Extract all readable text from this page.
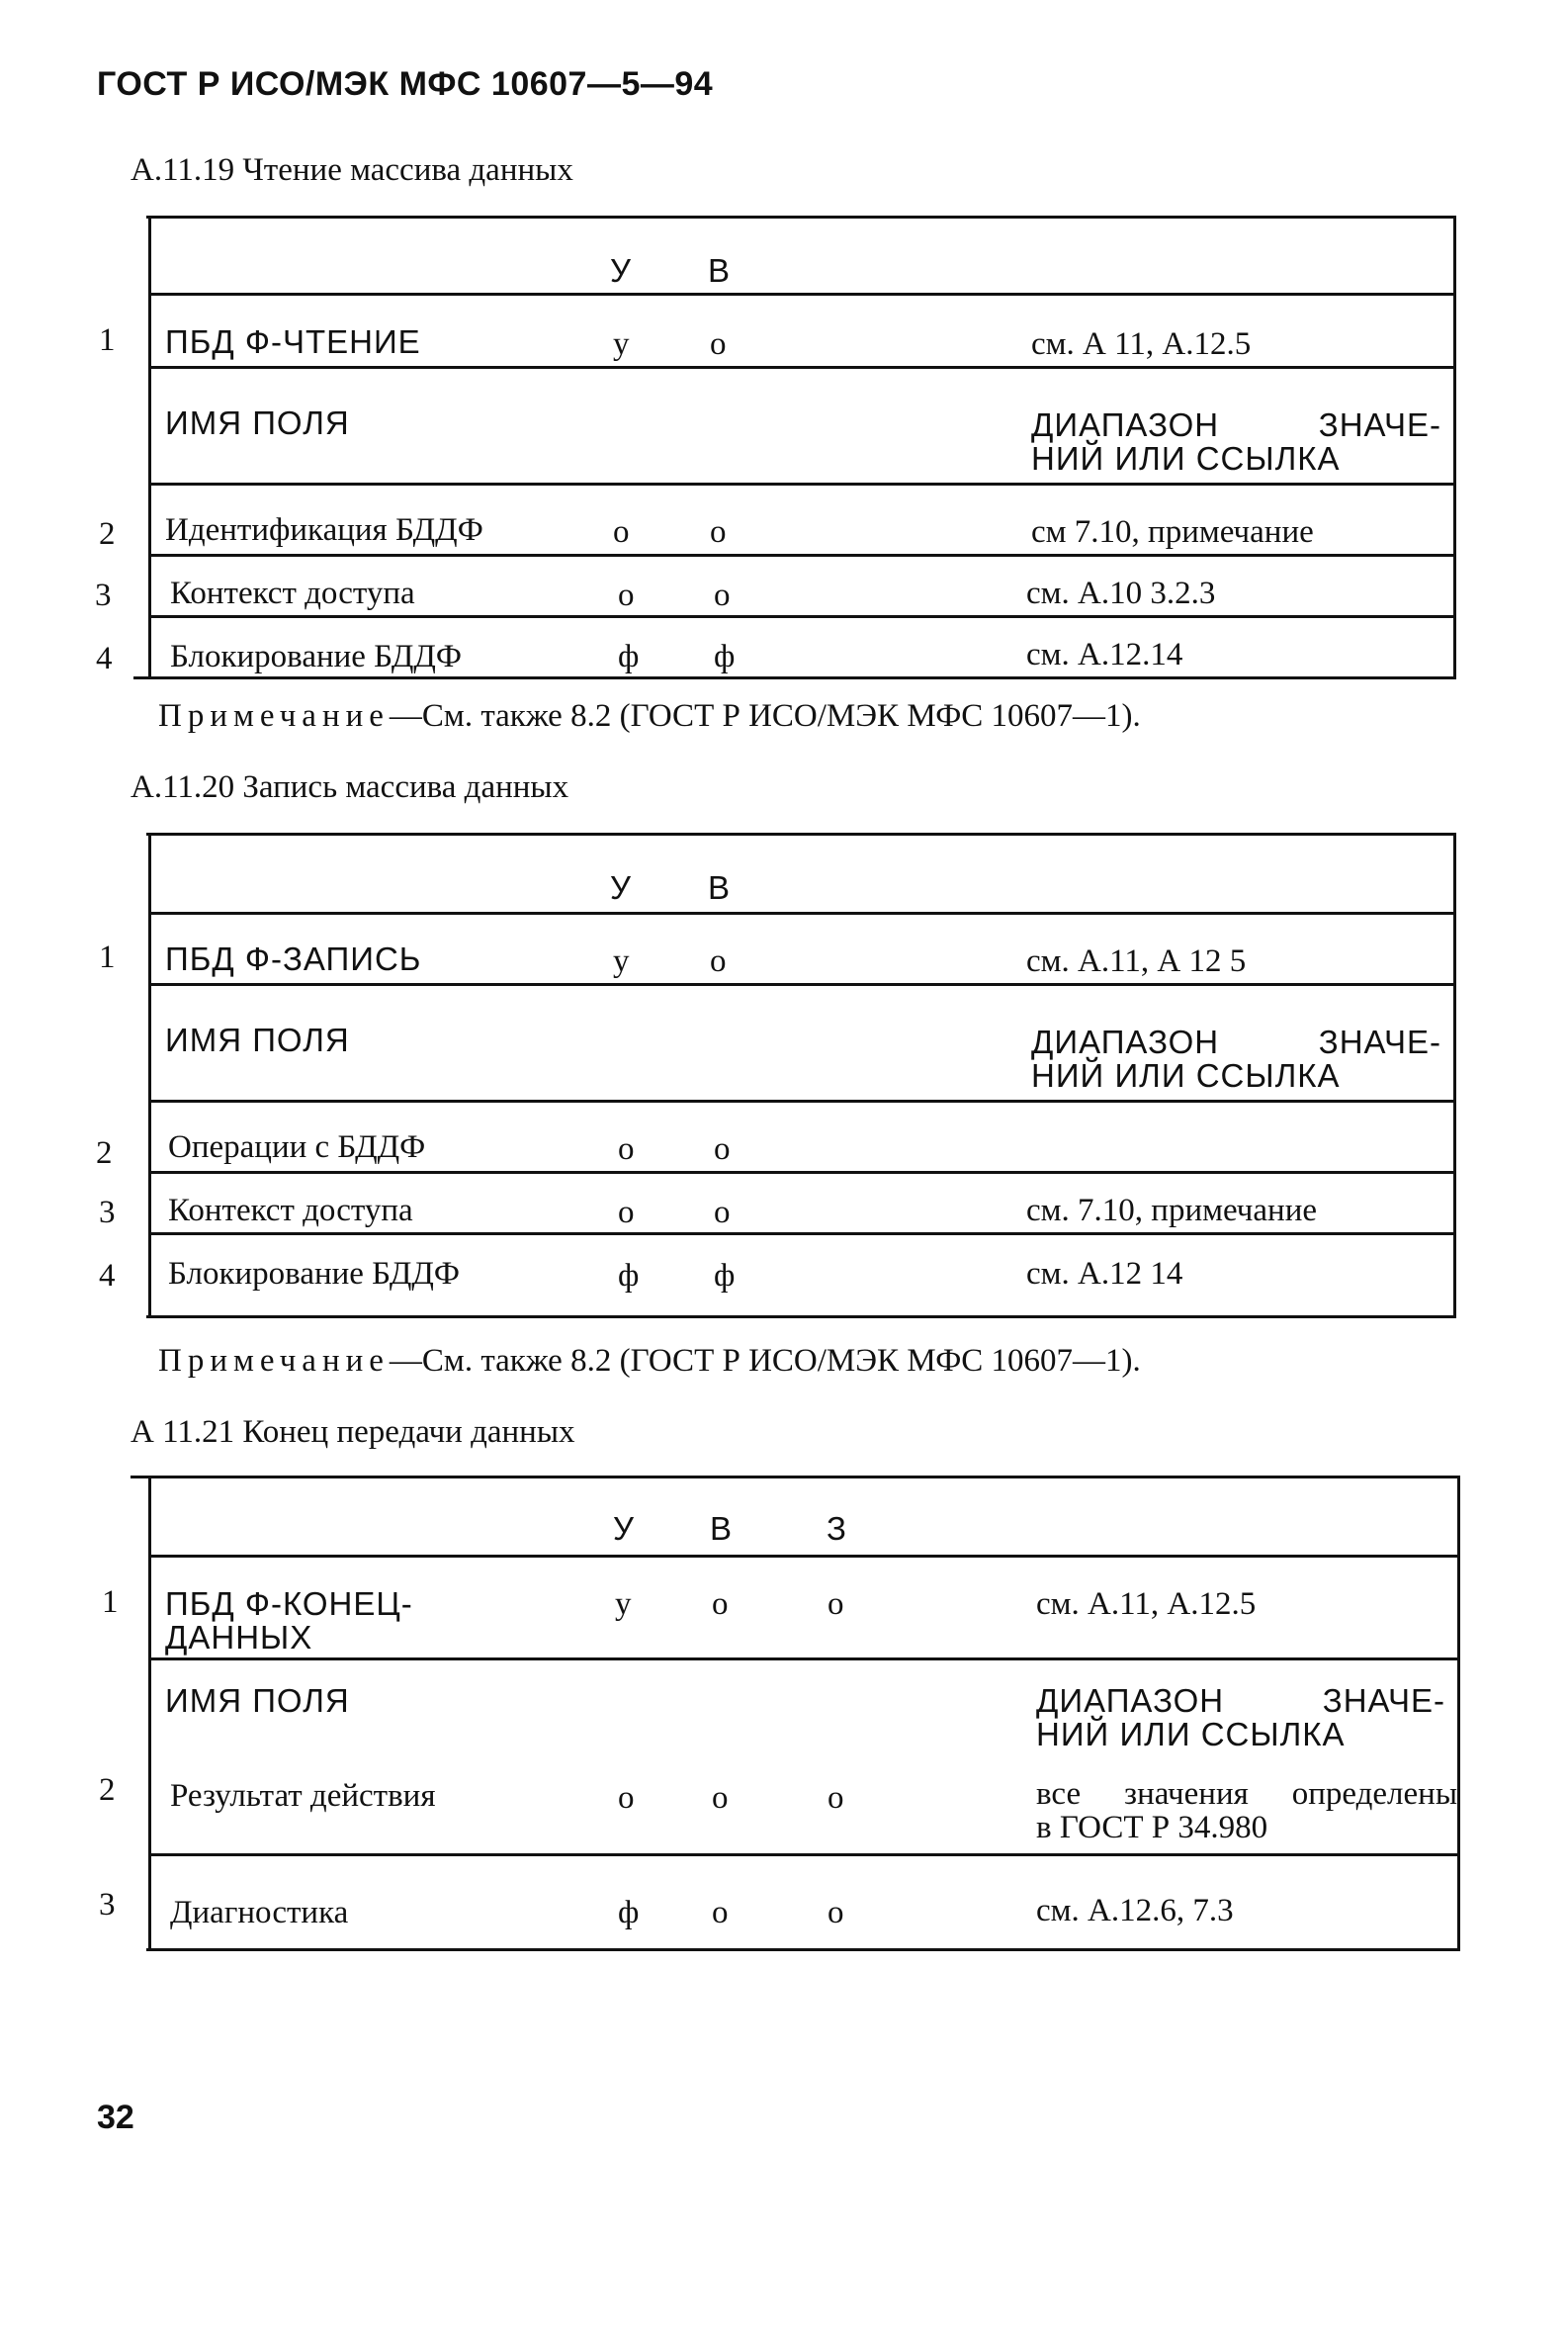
ГОСТ Р ИСО/МЭК МФС 10607—5—94
А.11.19 Чтение массива данных
У В
1 ПБД Ф-ЧТЕНИЕ	у о	см. А 11, А.12.5
ИМЯ ПОЛЯ	ДИАПАЗОН ЗНАЧЕ-
НИЙ ИЛИ ССЫЛКА
2 Идентификация БДДФ	о о	см 7.10, примечание
3 Контекст доступа	о о	см. А.10 3.2.3
4 Блокирование БДДФ	ф ф	см. А.12.14
Примечание—См. также 8.2 (ГОСТ Р ИСО/МЭК МФС 10607—1).
А.11.20 Запись массива данных
У В
1 ПБД Ф-ЗАПИСЬ	у о	см. А.11, А 12 5
ИМЯ ПОЛЯ	ДИАПАЗОН ЗНАЧЕ-
НИЙ ИЛИ ССЫЛКА
2 Операции с БДДФ	о о
3 Контекст доступа	о о	см. 7.10, примечание
4 Блокирование БДДФ	ф ф	см. А.12 14
Примечание—См. также 8.2 (ГОСТ Р ИСО/МЭК МФС 10607—1).
А 11.21 Конец передачи данных
У В	З
1 ПБД Ф-КОНЕЦ-
ДАННЫХ
у о	о	см. А.11, А.12.5
ИМЯ ПОЛЯ	ДИАПАЗОН ЗНАЧЕ-
НИЙ ИЛИ ССЫЛКА
2 Результат действия	о о	о	все значения определены
в ГОСТ Р 34.980
3 Диагностика	ф о	о	см. А.12.6, 7.3
32
